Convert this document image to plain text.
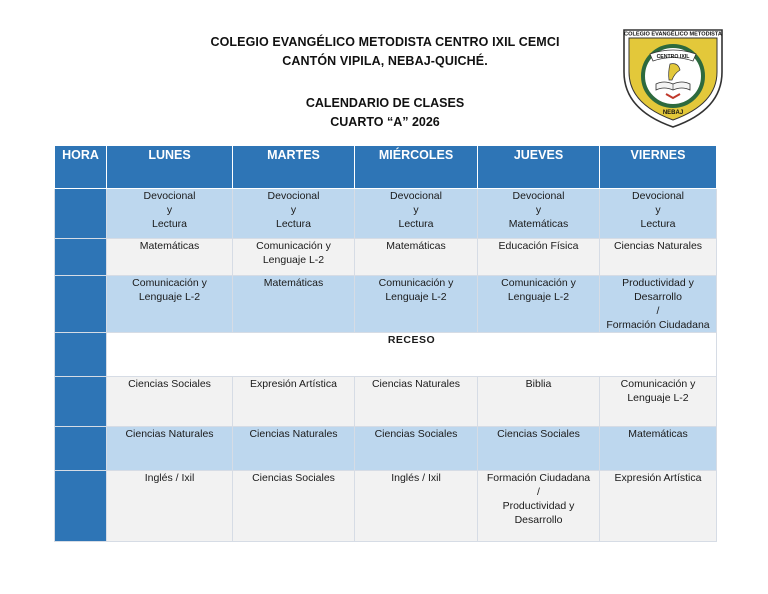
COLEGIO EVANGÉLICO METODISTA CENTRO IXIL CEMCI
CANTÓN VIPILA, NEBAJ-QUICHÉ.
CALENDARIO DE CLASES
CUARTO “A” 2026
COLEGIO EVANGÉLICO METODISTA
CENTRO IXIL
NEBAJ
HORA	LUNES	MARTES	MIÉRCOLES	JUEVES	VIERNES

	Devocional
y
Lectura	Devocional
y
Lectura	Devocional
y
Lectura	Devocional
y
Matemáticas	Devocional
y
Lectura

	Matemáticas	Comunicación y
Lenguaje L-2	Matemáticas	Educación Física	Ciencias Naturales

	Comunicación y
Lenguaje L-2	Matemáticas	Comunicación y
Lenguaje L-2	Comunicación y
Lenguaje L-2	Productividad y
Desarrollo
/
Formación Ciudadana

	RECESO				

	Ciencias Sociales	Expresión Artística	Ciencias Naturales	Biblia	Comunicación y
Lenguaje L-2

	Ciencias Naturales	Ciencias Naturales	Ciencias Sociales	Ciencias Sociales	Matemáticas

	Inglés / Ixil	Ciencias Sociales	Inglés / Ixil	Formación Ciudadana
/
Productividad y
Desarrollo	Expresión Artística
